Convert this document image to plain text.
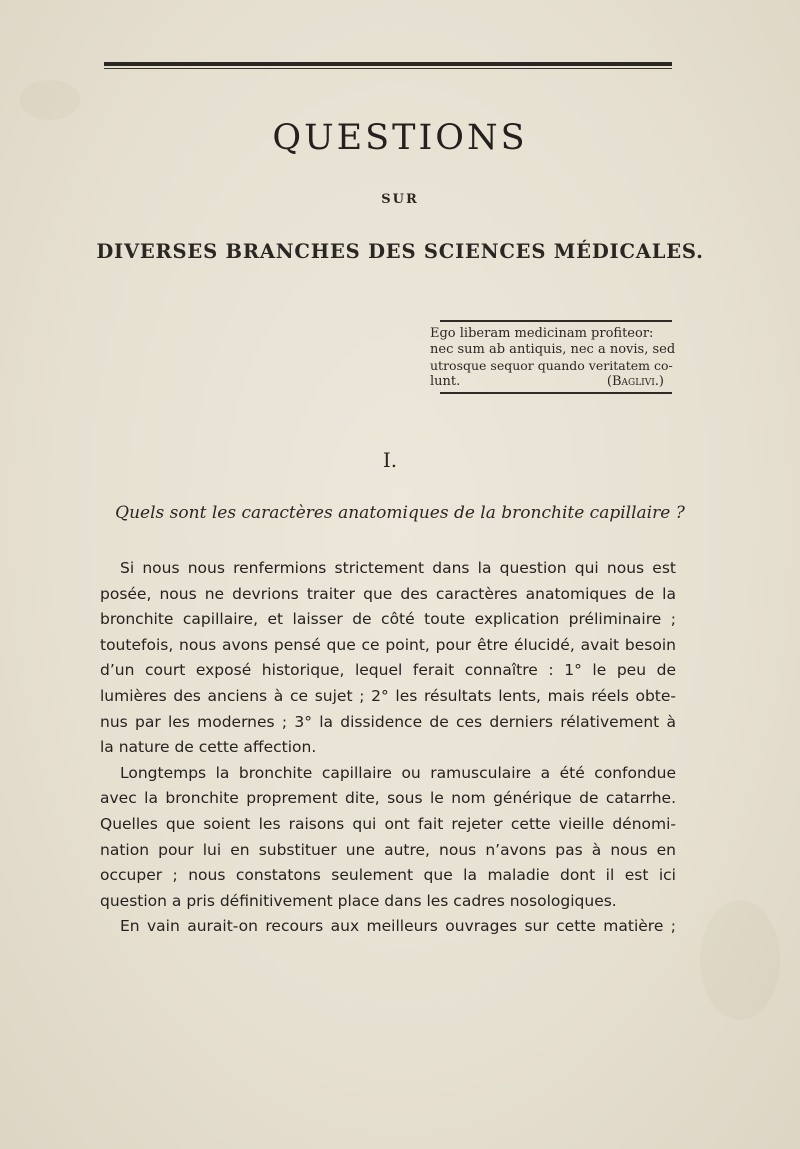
QUESTIONS
SUR
DIVERSES BRANCHES DES SCIENCES MÉDICALES.
Ego liberam medicinam profiteor:
nec sum ab antiquis, nec a novis, sed
utrosque sequor quando veritatem co-
lunt.	(Baglivi.)
I.
Quels sont les caractères anatomiques de la bronchite capillaire ?
Si nous nous renfermions strictement dans la question qui nous est
posée, nous ne devrions traiter que des caractères anatomiques de la
bronchite capillaire, et laisser de côté toute explication préliminaire ;
toutefois, nous avons pensé que ce point, pour être élucidé, avait besoin
d’un court exposé historique, lequel ferait connaître : 1° le peu de
lumières des anciens à ce sujet ; 2° les résultats lents, mais réels obte-
nus par les modernes ; 3° la dissidence de ces derniers rélativement à
la nature de cette affection.
Longtemps la bronchite capillaire ou ramusculaire a été confondue
avec la bronchite proprement dite, sous le nom générique de catarrhe.
Quelles que soient les raisons qui ont fait rejeter cette vieille dénomi-
nation pour lui en substituer une autre, nous n’avons pas à nous en
occuper ; nous constatons seulement que la maladie dont il est ici
question a pris définitivement place dans les cadres nosologiques.
En vain aurait-on recours aux meilleurs ouvrages sur cette matière ;
